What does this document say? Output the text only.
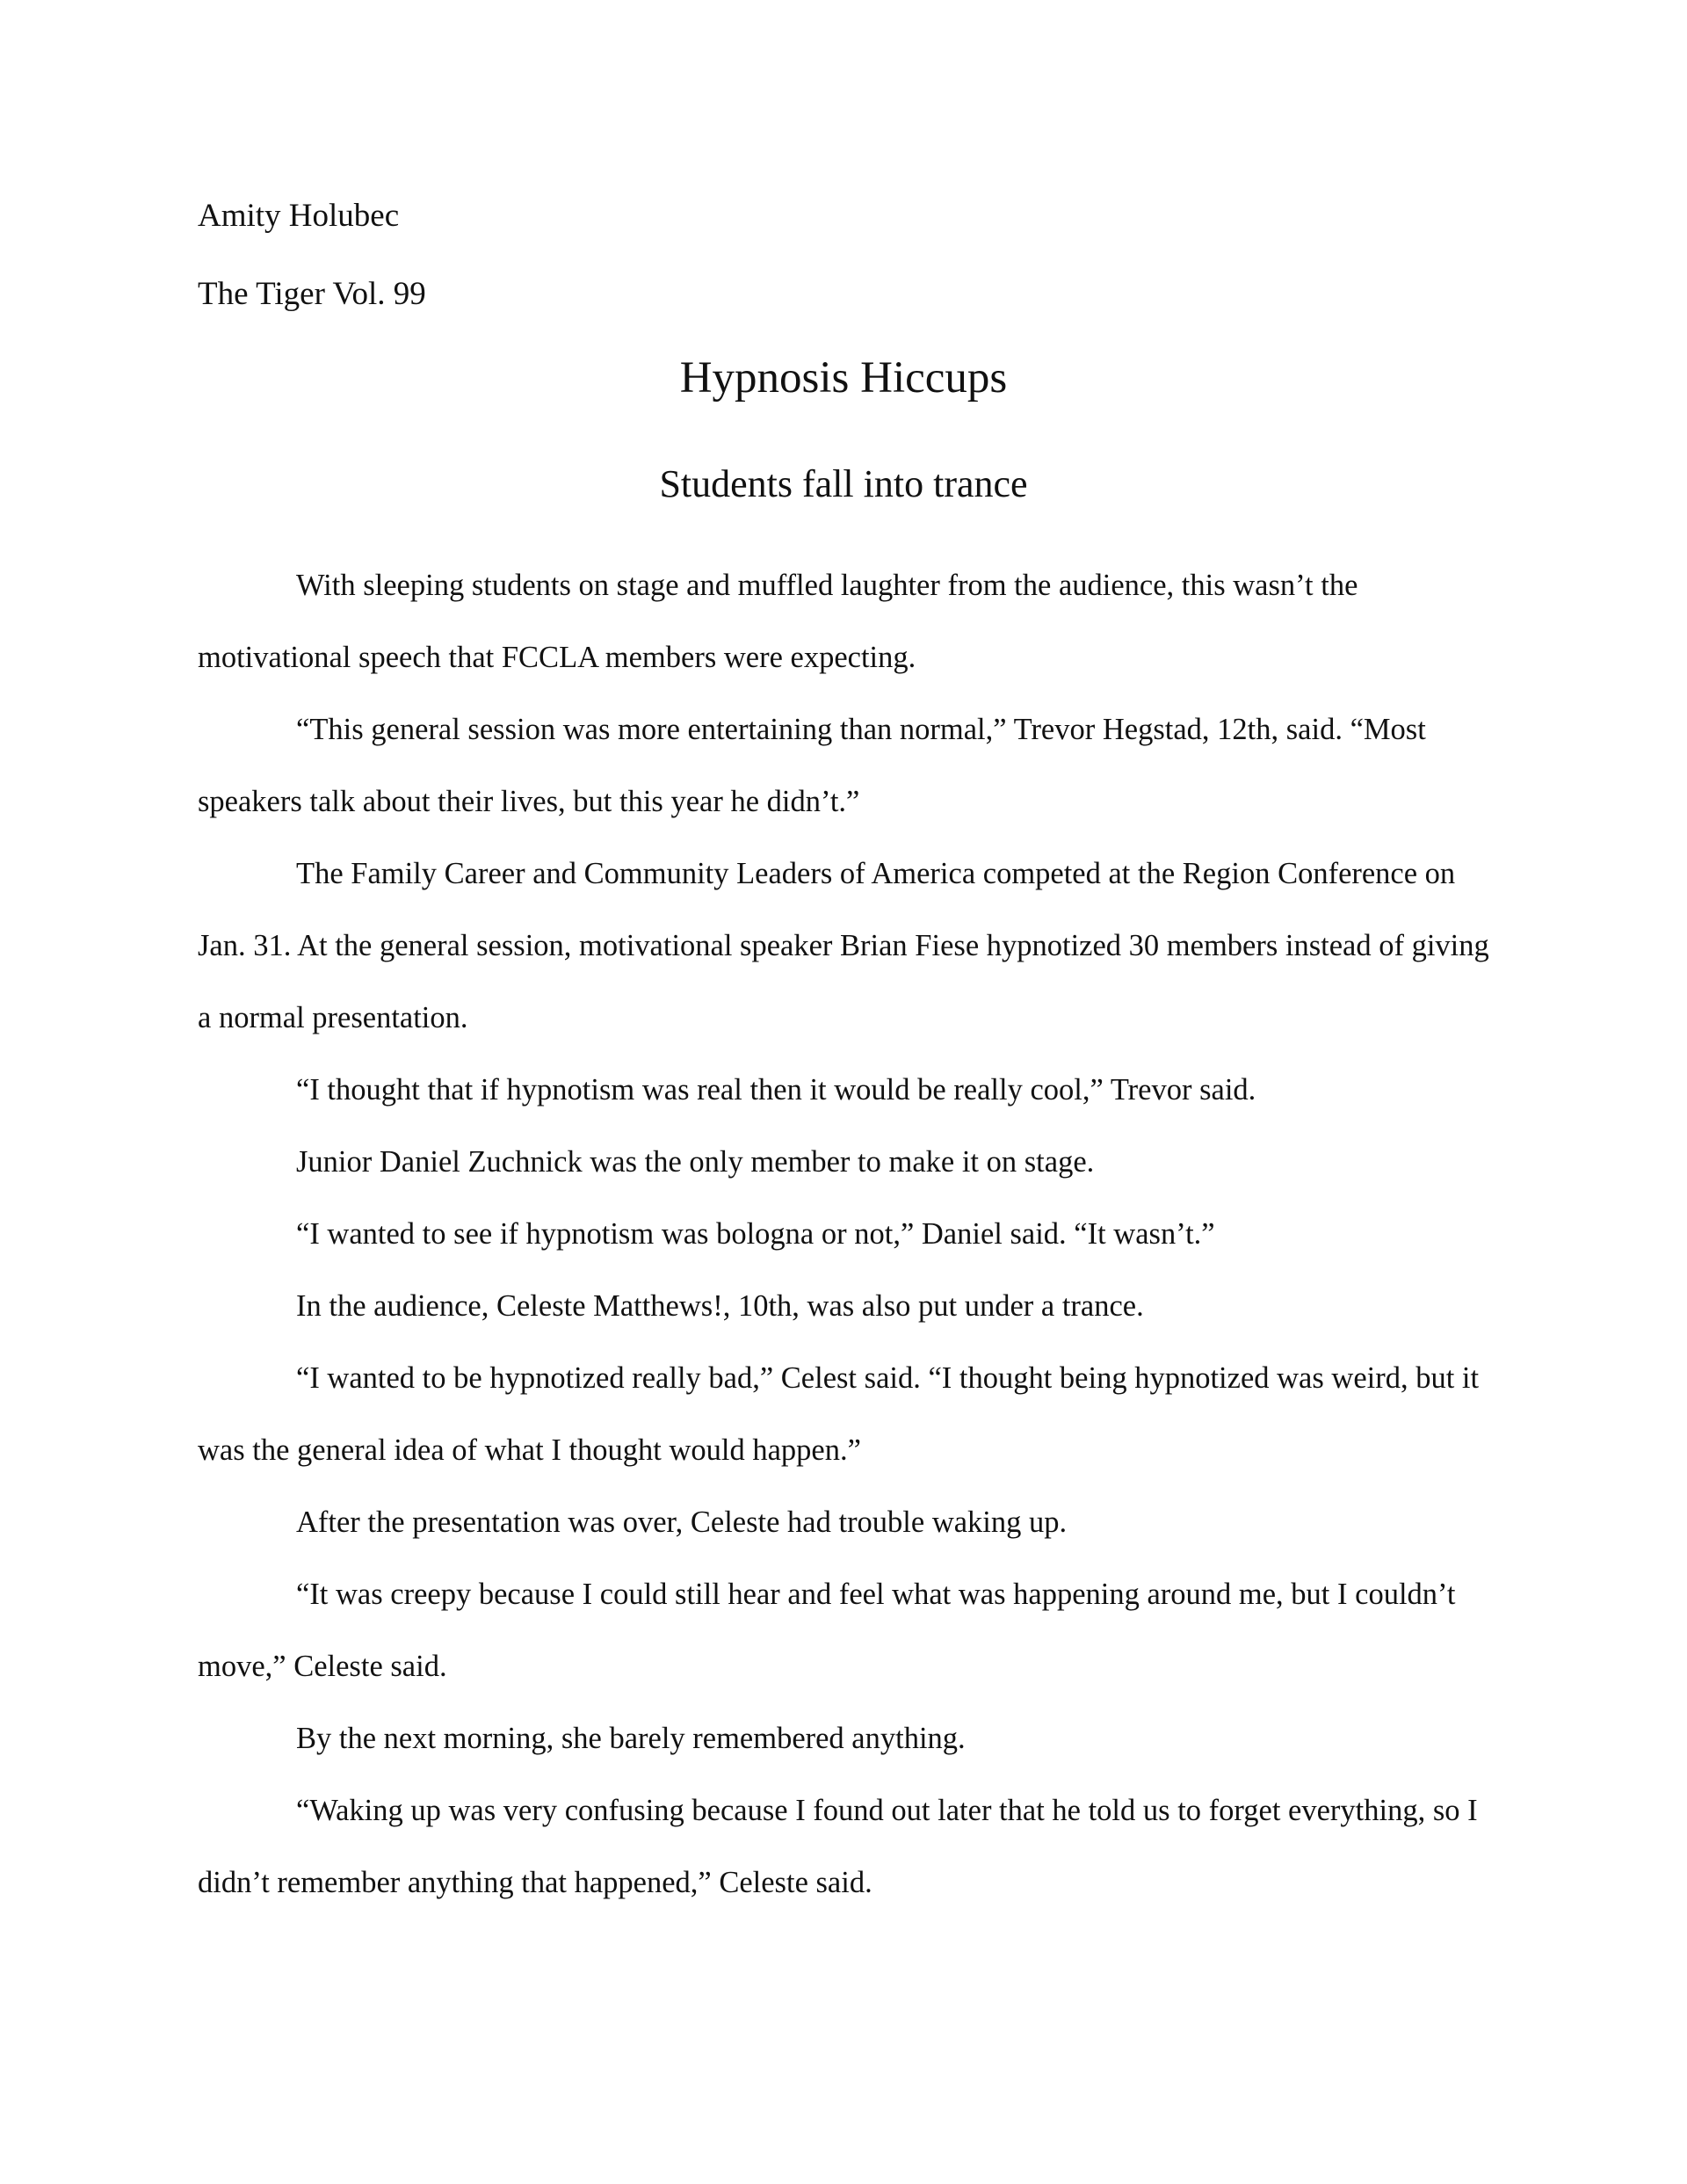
Amity Holubec

The Tiger Vol. 99

Hypnosis Hiccups
Students fall into trance

With sleeping students on stage and muffled laughter from the audience, this wasn’t the motivational speech that FCCLA members were expecting.

“This general session was more entertaining than normal,” Trevor Hegstad, 12th, said. “Most speakers talk about their lives, but this year he didn’t.”

The Family Career and Community Leaders of America competed at the Region Conference on Jan. 31. At the general session, motivational speaker Brian Fiese hypnotized 30 members instead of giving a normal presentation.

“I thought that if hypnotism was real then it would be really cool,” Trevor said.

Junior Daniel Zuchnick was the only member to make it on stage.

“I wanted to see if hypnotism was bologna or not,” Daniel said. “It wasn’t.”

In the audience, Celeste Matthews!, 10th, was also put under a trance.

“I wanted to be hypnotized really bad,” Celest said. “I thought being hypnotized was weird, but it was the general idea of what I thought would happen.”

After the presentation was over, Celeste had trouble waking up.

“It was creepy because I could still hear and feel what was happening around me, but I couldn’t move,” Celeste said.

By the next morning, she barely remembered anything.

“Waking up was very confusing because I found out later that he told us to forget everything, so I didn’t remember anything that happened,” Celeste said.
